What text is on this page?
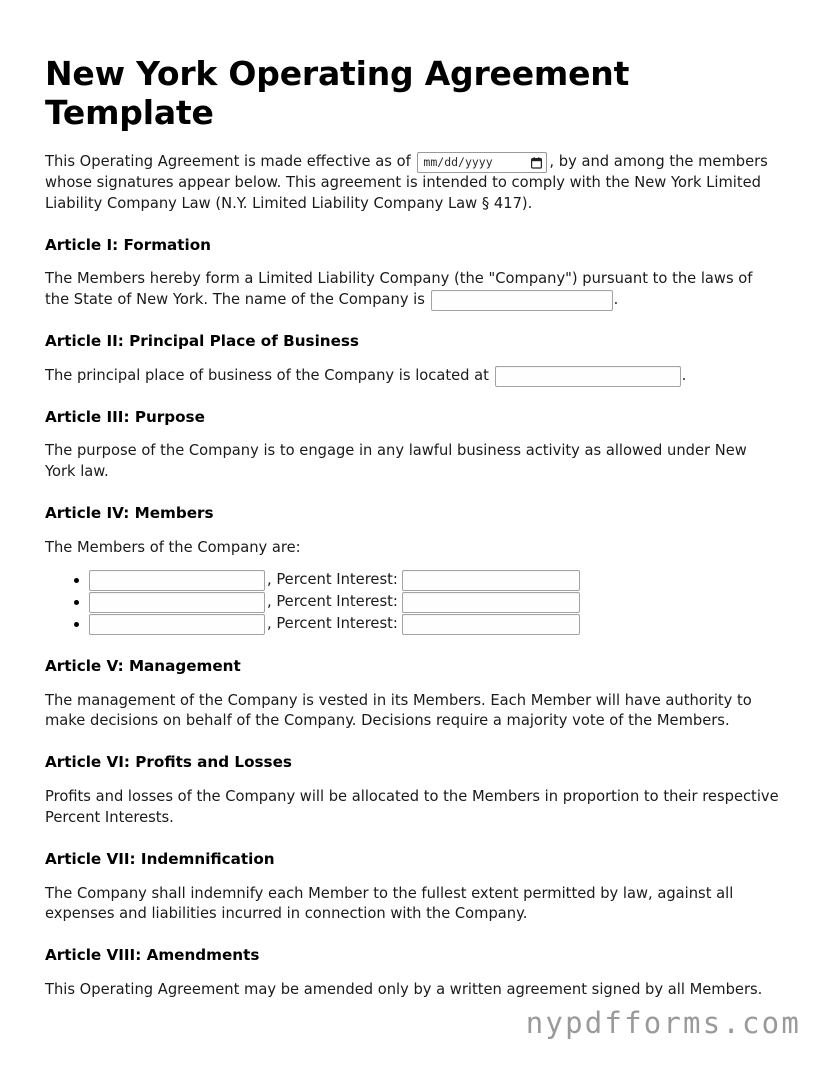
New York Operating Agreement Template

This Operating Agreement is made effective as of mm/dd/yyyy	, by and among the members whose signatures appear below. This agreement is intended to comply with the New York Limited Liability Company Law (N.Y. Limited Liability Company Law § 417).

Article I: Formation

The Members hereby form a Limited Liability Company (the "Company") pursuant to the laws of the State of New York. The name of the Company is	.

Article II: Principal Place of Business

The principal place of business of the Company is located at	.

Article III: Purpose

The purpose of the Company is to engage in any lawful business activity as allowed under New York law.

Article IV: Members

The Members of the Company are:

, Percent Interest:
, Percent Interest:
, Percent Interest:
Article V: Management

The management of the Company is vested in its Members. Each Member will have authority to make decisions on behalf of the Company. Decisions require a majority vote of the Members.

Article VI: Profits and Losses

Profits and losses of the Company will be allocated to the Members in proportion to their respective Percent Interests.

Article VII: Indemnification

The Company shall indemnify each Member to the fullest extent permitted by law, against all expenses and liabilities incurred in connection with the Company.

Article VIII: Amendments

This Operating Agreement may be amended only by a written agreement signed by all Members.

nypdfforms.com
